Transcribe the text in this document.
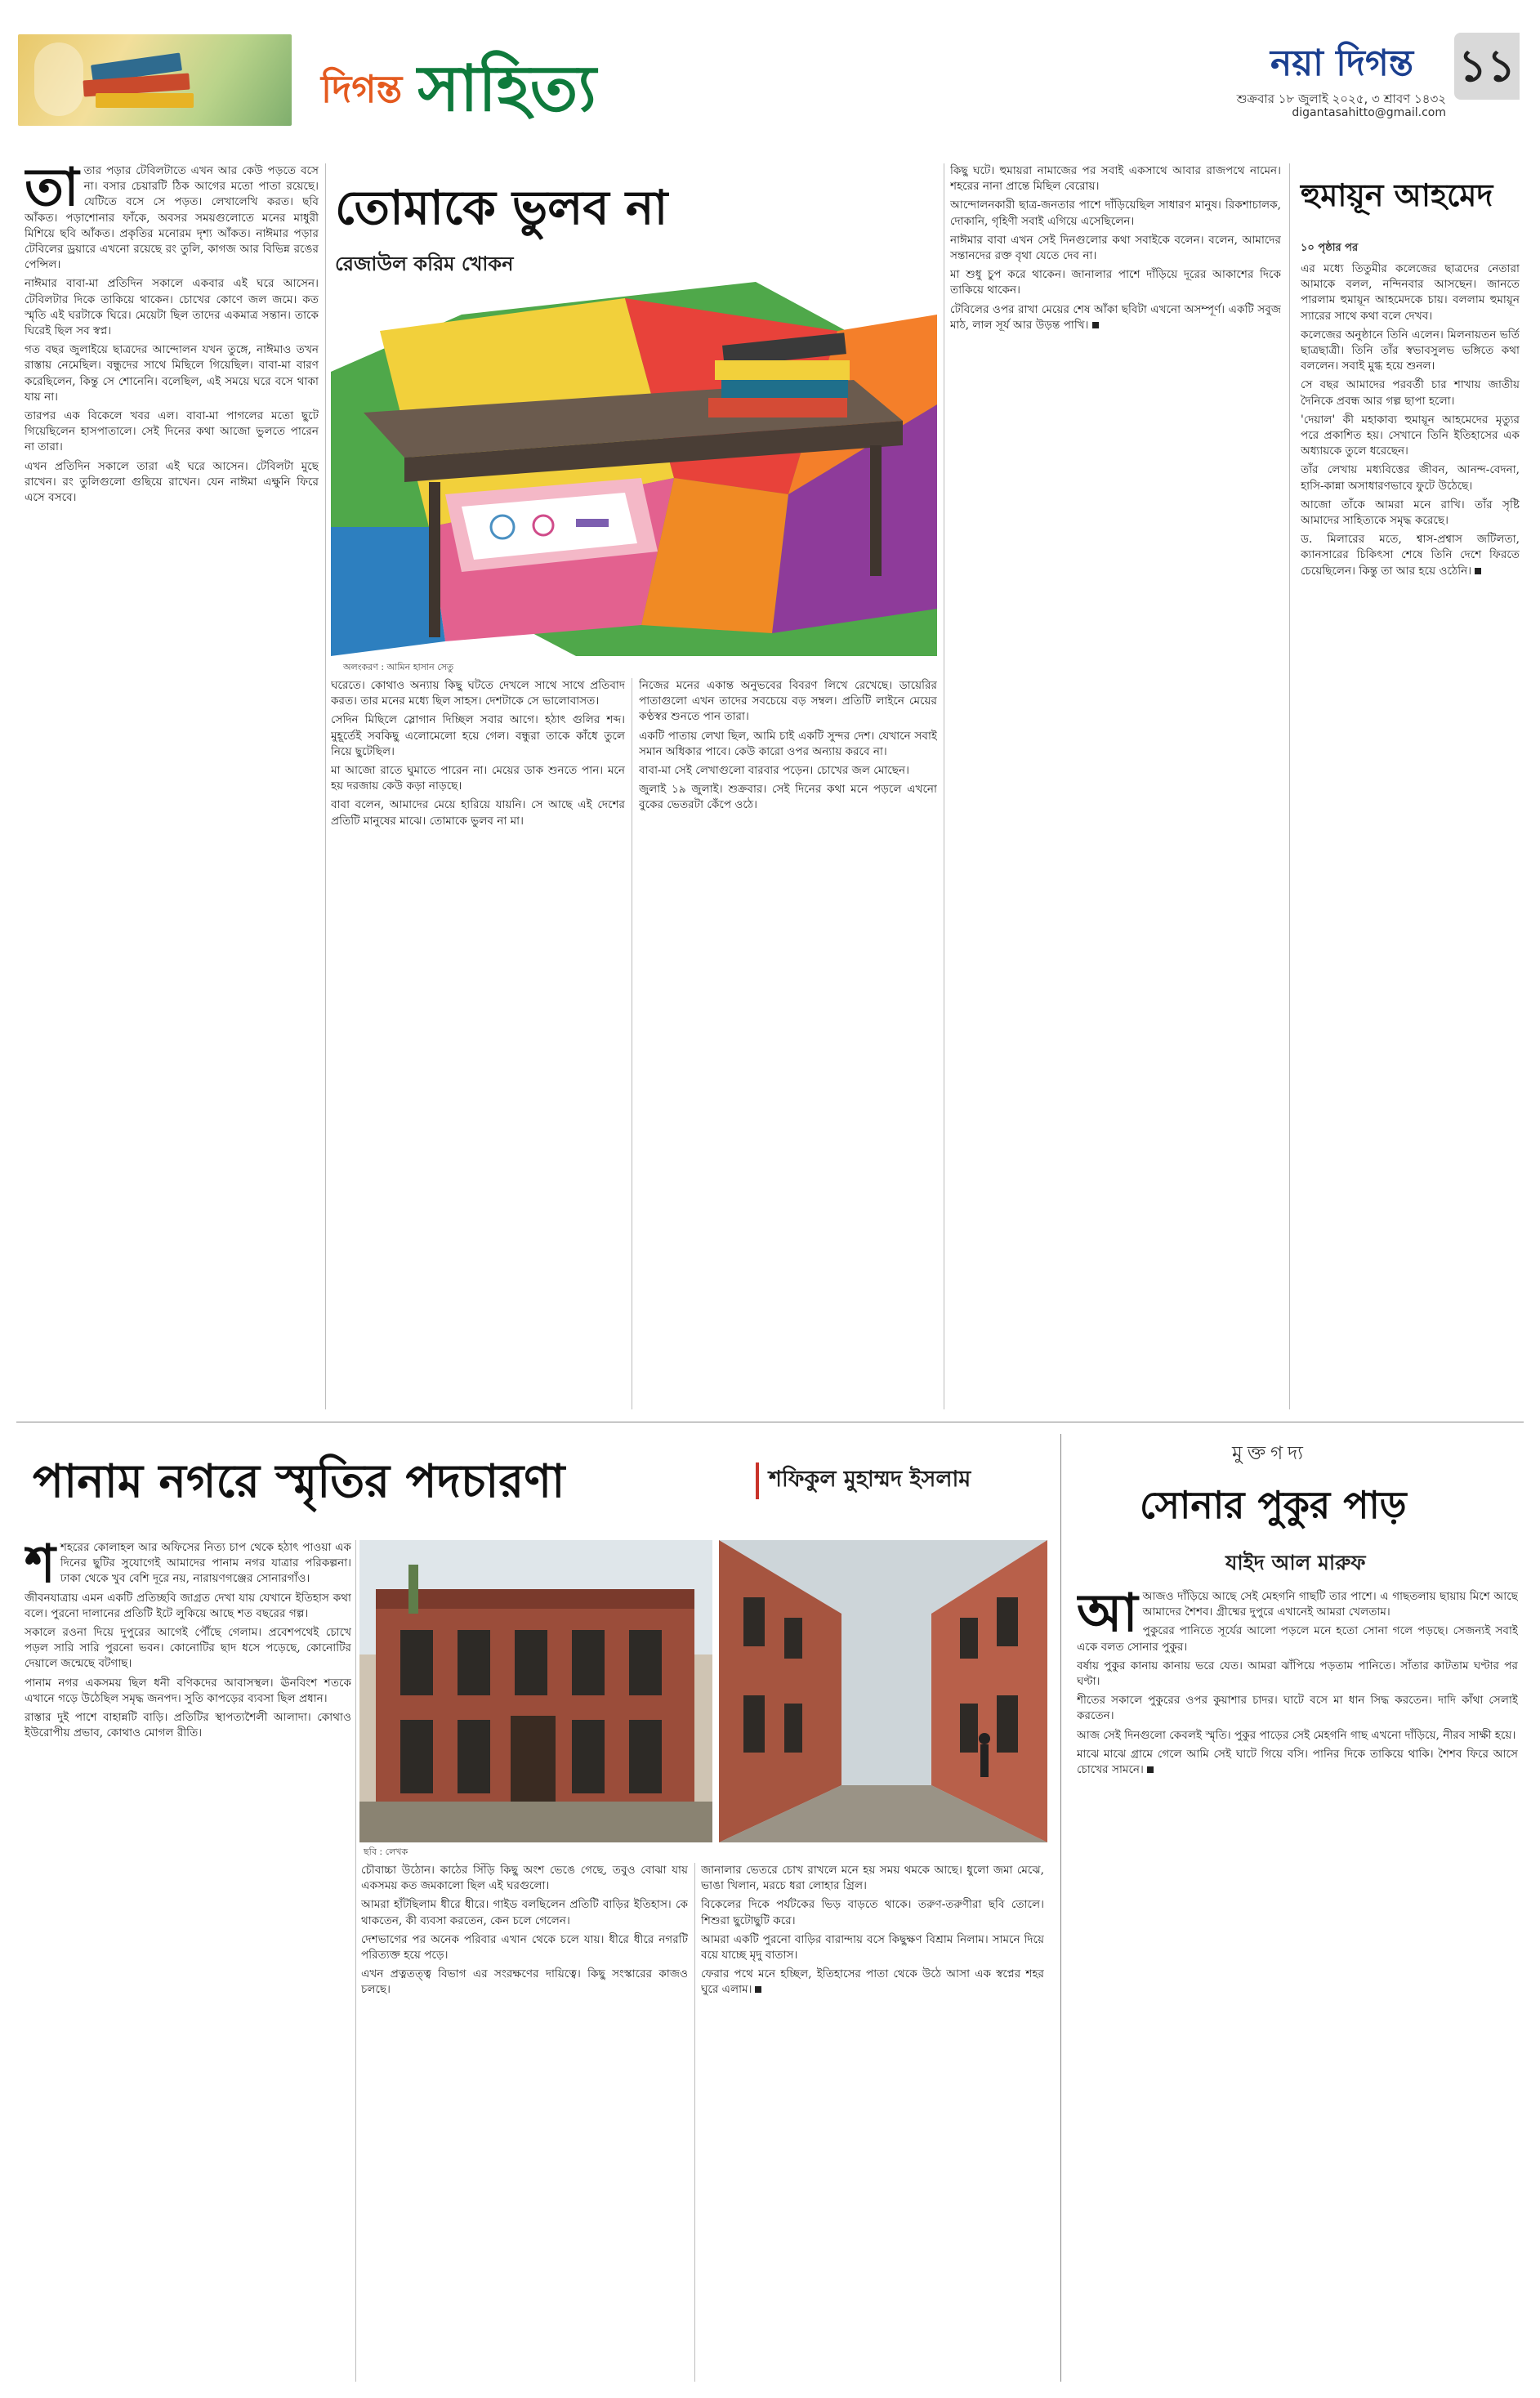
দিগন্ত সাহিত্য	নয়া দিগন্ত ১১
শুক্রবার ১৮ জুলাই ২০২৫, ৩ শ্রাবণ ১৪৩২
digantasahitto@gmail.com
তোমাকে ভুলব না
রেজাউল করিম খোকন
অলংকরণ : আমিন হাসান সেতু

তাতার পড়ার টেবিলটাতে এখন আর কেউ পড়তে বসে না। বসার চেয়ারটি ঠিক আগের মতো পাতা রয়েছে। যেটিতে বসে সে পড়ত। লেখালেখি করত। ছবি আঁকত। পড়াশোনার ফাঁকে, অবসর সময়গুলোতে মনের মাধুরী মিশিয়ে ছবি আঁকত। প্রকৃতির মনোরম দৃশ্য আঁকত। নাঈমার পড়ার টেবিলের ড্রয়ারে এখনো রয়েছে রং তুলি, কাগজ আর বিভিন্ন রঙের পেন্সিল।

নাঈমার বাবা-মা প্রতিদিন সকালে একবার এই ঘরে আসেন। টেবিলটার দিকে তাকিয়ে থাকেন। চোখের কোণে জল জমে। কত স্মৃতি এই ঘরটাকে ঘিরে। মেয়েটা ছিল তাদের একমাত্র সন্তান। তাকে ঘিরেই ছিল সব স্বপ্ন।

গত বছর জুলাইয়ে ছাত্রদের আন্দোলন যখন তুঙ্গে, নাঈমাও তখন রাস্তায় নেমেছিল। বন্ধুদের সাথে মিছিলে গিয়েছিল। বাবা-মা বারণ করেছিলেন, কিন্তু সে শোনেনি। বলেছিল, এই সময়ে ঘরে বসে থাকা যায় না।

তারপর এক বিকেলে খবর এল। বাবা-মা পাগলের মতো ছুটে গিয়েছিলেন হাসপাতালে। সেই দিনের কথা আজো ভুলতে পারেন না তারা।

এখন প্রতিদিন সকালে তারা এই ঘরে আসেন। টেবিলটা মুছে রাখেন। রং তুলিগুলো গুছিয়ে রাখেন। যেন নাঈমা এক্ষুনি ফিরে এসে বসবে।

ঘরেতে। কোথাও অন্যায় কিছু ঘটতে দেখলে সাথে সাথে প্রতিবাদ করত। তার মনের মধ্যে ছিল সাহস। দেশটাকে সে ভালোবাসত।

সেদিন মিছিলে স্লোগান দিচ্ছিল সবার আগে। হঠাৎ গুলির শব্দ। মুহূর্তেই সবকিছু এলোমেলো হয়ে গেল। বন্ধুরা তাকে কাঁধে তুলে নিয়ে ছুটেছিল।

মা আজো রাতে ঘুমাতে পারেন না। মেয়ের ডাক শুনতে পান। মনে হয় দরজায় কেউ কড়া নাড়ছে।

বাবা বলেন, আমাদের মেয়ে হারিয়ে যায়নি। সে আছে এই দেশের প্রতিটি মানুষের মাঝে। তোমাকে ভুলব না মা।

নিজের মনের একান্ত অনুভবের বিবরণ লিখে রেখেছে। ডায়েরির পাতাগুলো এখন তাদের সবচেয়ে বড় সম্বল। প্রতিটি লাইনে মেয়ের কণ্ঠস্বর শুনতে পান তারা।

একটি পাতায় লেখা ছিল, আমি চাই একটি সুন্দর দেশ। যেখানে সবাই সমান অধিকার পাবে। কেউ কারো ওপর অন্যায় করবে না।

বাবা-মা সেই লেখাগুলো বারবার পড়েন। চোখের জল মোছেন।

জুলাই ১৯ জুলাই। শুক্রবার। সেই দিনের কথা মনে পড়লে এখনো বুকের ভেতরটা কেঁপে ওঠে।

কিছু ঘটে। হুমায়রা নামাজের পর সবাই একসাথে আবার রাজপথে নামেন। শহরের নানা প্রান্তে মিছিল বেরোয়।

আন্দোলনকারী ছাত্র-জনতার পাশে দাঁড়িয়েছিল সাধারণ মানুষ। রিকশাচালক, দোকানি, গৃহিণী সবাই এগিয়ে এসেছিলেন।

নাঈমার বাবা এখন সেই দিনগুলোর কথা সবাইকে বলেন। বলেন, আমাদের সন্তানদের রক্ত বৃথা যেতে দেব না।

মা শুধু চুপ করে থাকেন। জানালার পাশে দাঁড়িয়ে দূরের আকাশের দিকে তাকিয়ে থাকেন।

টেবিলের ওপর রাখা মেয়ের শেষ আঁকা ছবিটা এখনো অসম্পূর্ণ। একটি সবুজ মাঠ, লাল সূর্য আর উড়ন্ত পাখি।

হুমায়ূন আহমেদ
১০ পৃষ্ঠার পর

এর মধ্যে তিতুমীর কলেজের ছাত্রদের নেতারা আমাকে বলল, নন্দিনবার আসছেন। জানতে পারলাম হুমায়ূন আহমেদকে চায়। বললাম হুমায়ূন স্যারের সাথে কথা বলে দেখব।

কলেজের অনুষ্ঠানে তিনি এলেন। মিলনায়তন ভর্তি ছাত্রছাত্রী। তিনি তাঁর স্বভাবসুলভ ভঙ্গিতে কথা বললেন। সবাই মুগ্ধ হয়ে শুনল।

সে বছর আমাদের পরবর্তী চার শাখায় জাতীয় দৈনিকে প্রবন্ধ আর গল্প ছাপা হলো।

'দেয়াল' কী মহাকাব্য হুমায়ূন আহমেদের মৃত্যুর পরে প্রকাশিত হয়। সেখানে তিনি ইতিহাসের এক অধ্যায়কে তুলে ধরেছেন।

তাঁর লেখায় মধ্যবিত্তের জীবন, আনন্দ-বেদনা, হাসি-কান্না অসাধারণভাবে ফুটে উঠেছে।

আজো তাঁকে আমরা মনে রাখি। তাঁর সৃষ্টি আমাদের সাহিত্যকে সমৃদ্ধ করেছে।

ড. মিলারের মতে, শ্বাস-প্রশ্বাস জটিলতা, ক্যানসারের চিকিৎসা শেষে তিনি দেশে ফিরতে চেয়েছিলেন। কিন্তু তা আর হয়ে ওঠেনি।

পানাম নগরে স্মৃতির পদচারণা	শফিকুল মুহাম্মদ ইসলাম
ছবি : লেখক

শশহরের কোলাহল আর অফিসের নিত্য চাপ থেকে হঠাৎ পাওয়া এক দিনের ছুটির সুযোগেই আমাদের পানাম নগর যাত্রার পরিকল্পনা। ঢাকা থেকে খুব বেশি দূরে নয়, নারায়ণগঞ্জের সোনারগাঁও।

জীবনযাত্রায় এমন একটি প্রতিচ্ছবি জাগ্রত দেখা যায় যেখানে ইতিহাস কথা বলে। পুরনো দালানের প্রতিটি ইটে লুকিয়ে আছে শত বছরের গল্প।

সকালে রওনা দিয়ে দুপুরের আগেই পৌঁছে গেলাম। প্রবেশপথেই চোখে পড়ল সারি সারি পুরনো ভবন। কোনোটির ছাদ ধসে পড়েছে, কোনোটির দেয়ালে জন্মেছে বটগাছ।

পানাম নগর একসময় ছিল ধনী বণিকদের আবাসস্থল। ঊনবিংশ শতকে এখানে গড়ে উঠেছিল সমৃদ্ধ জনপদ। সুতি কাপড়ের ব্যবসা ছিল প্রধান।

রাস্তার দুই পাশে বাহান্নটি বাড়ি। প্রতিটির স্থাপত্যশৈলী আলাদা। কোথাও ইউরোপীয় প্রভাব, কোথাও মোগল রীতি।

চৌবাচ্চা উঠোন। কাঠের সিঁড়ি কিছু অংশ ভেঙে গেছে, তবুও বোঝা যায় একসময় কত জমকালো ছিল এই ঘরগুলো।

আমরা হাঁটছিলাম ধীরে ধীরে। গাইড বলছিলেন প্রতিটি বাড়ির ইতিহাস। কে থাকতেন, কী ব্যবসা করতেন, কেন চলে গেলেন।

দেশভাগের পর অনেক পরিবার এখান থেকে চলে যায়। ধীরে ধীরে নগরটি পরিত্যক্ত হয়ে পড়ে।

এখন প্রত্নতত্ত্ব বিভাগ এর সংরক্ষণের দায়িত্বে। কিছু সংস্কারের কাজও চলছে।

জানালার ভেতরে চোখ রাখলে মনে হয় সময় থমকে আছে। ধুলো জমা মেঝে, ভাঙা খিলান, মরচে ধরা লোহার গ্রিল।

বিকেলের দিকে পর্যটকের ভিড় বাড়তে থাকে। তরুণ-তরুণীরা ছবি তোলে। শিশুরা ছুটোছুটি করে।

আমরা একটি পুরনো বাড়ির বারান্দায় বসে কিছুক্ষণ বিশ্রাম নিলাম। সামনে দিয়ে বয়ে যাচ্ছে মৃদু বাতাস।

ফেরার পথে মনে হচ্ছিল, ইতিহাসের পাতা থেকে উঠে আসা এক স্বপ্নের শহর ঘুরে এলাম।

মুক্তগদ্য
সোনার পুকুর পাড়
যাইদ আল মারুফ

আআজও দাঁড়িয়ে আছে সেই মেহগনি গাছটি তার পাশে। এ গাছতলায় ছায়ায় মিশে আছে আমাদের শৈশব। গ্রীষ্মের দুপুরে এখানেই আমরা খেলতাম।

পুকুরের পানিতে সূর্যের আলো পড়লে মনে হতো সোনা গলে পড়ছে। সেজন্যই সবাই একে বলত সোনার পুকুর।

বর্ষায় পুকুর কানায় কানায় ভরে যেত। আমরা ঝাঁপিয়ে পড়তাম পানিতে। সাঁতার কাটতাম ঘণ্টার পর ঘণ্টা।

শীতের সকালে পুকুরের ওপর কুয়াশার চাদর। ঘাটে বসে মা ধান সিদ্ধ করতেন। দাদি কাঁথা সেলাই করতেন।

আজ সেই দিনগুলো কেবলই স্মৃতি। পুকুর পাড়ের সেই মেহগনি গাছ এখনো দাঁড়িয়ে, নীরব সাক্ষী হয়ে।

মাঝে মাঝে গ্রামে গেলে আমি সেই ঘাটে গিয়ে বসি। পানির দিকে তাকিয়ে থাকি। শৈশব ফিরে আসে চোখের সামনে।
